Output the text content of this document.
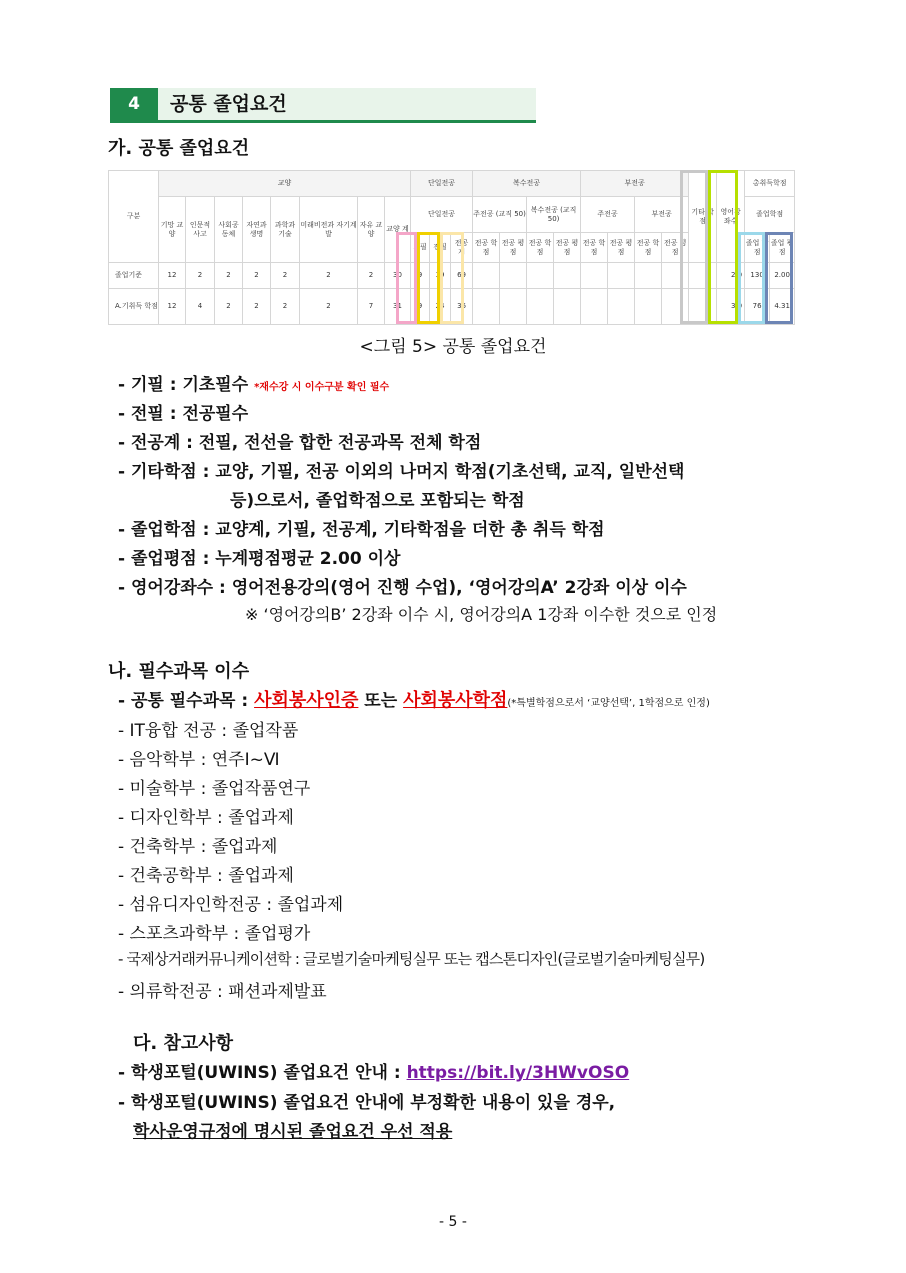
4	공통 졸업요건
가. 공통 졸업요건
구분	교양								단일전공			복수전공				부전공				기타 학점	영어강 좌수	총취득학점	
	기망 교양	인문적 사고	사회공 동체	자연과 생명	과학과 기술	미래비전과 자기계발	자유 교양	교양 계	단일전공			주전공 (교직 50)		복수전공 (교직 50)		주전공		부전공				졸업학점	
									기필	전필	전공 계	전공 학점	전공 평점	전공 학점	전공 평점	전공 학점	전공 평점	전공 학점	전공 평점			졸업 학점	졸업 평점
졸업기준	12	2	2	2	2	2	2	30	9	39	69										2.0	130	2.00
A.기취득 학점	12	4	2	2	2	2	7	31	9	24	36										3.0	76	4.31
<그림 5> 공통 졸업요건
- 기필 : 기초필수 *재수강 시 이수구분 확인 필수
- 전필 : 전공필수
- 전공계 : 전필, 전선을 합한 전공과목 전체 학점
- 기타학점 : 교양, 기필, 전공 이외의 나머지 학점(기초선택, 교직, 일반선택
등)으로서, 졸업학점으로 포함되는 학점
- 졸업학점 : 교양계, 기필, 전공계, 기타학점을 더한 총 취득 학점
- 졸업평점 : 누계평점평균 2.00 이상
- 영어강좌수 : 영어전용강의(영어 진행 수업), ‘영어강의A’ 2강좌 이상 이수
※ ‘영어강의B’ 2강좌 이수 시, 영어강의A 1강좌 이수한 것으로 인정
나. 필수과목 이수
- 공통 필수과목 : 사회봉사인증 또는 사회봉사학점(*특별학점으로서 ‘교양선택’, 1학점으로 인정)
- IT융합 전공 : 졸업작품
- 음악학부 : 연주Ⅰ~Ⅵ
- 미술학부 : 졸업작품연구
- 디자인학부 : 졸업과제
- 건축학부 : 졸업과제
- 건축공학부 : 졸업과제
- 섬유디자인학전공 : 졸업과제
- 스포츠과학부 : 졸업평가
- 국제상거래커뮤니케이션학 : 글로벌기술마케팅실무 또는 캡스톤디자인(글로벌기술마케팅실무)
- 의류학전공 : 패션과제발표
다. 참고사항
- 학생포털(UWINS) 졸업요건 안내 : https://bit.ly/3HWvOSO
- 학생포털(UWINS) 졸업요건 안내에 부정확한 내용이 있을 경우,
학사운영규정에 명시된 졸업요건 우선 적용
- 5 -
